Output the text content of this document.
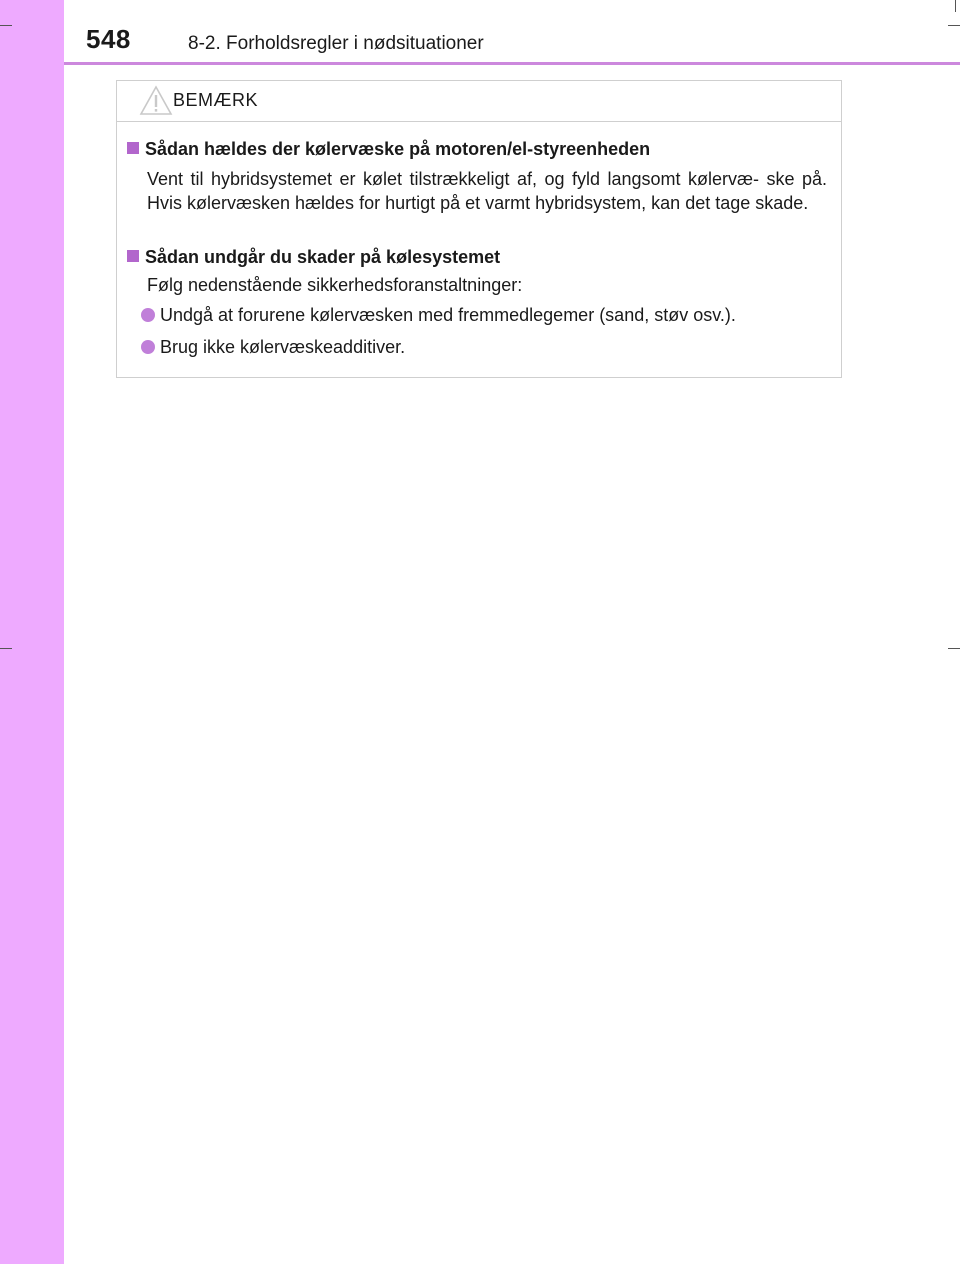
548	8-2. Forholdsregler i nødsituationer
BEMÆRK
Sådan hældes der kølervæske på motoren/el-styreenheden
Vent til hybridsystemet er kølet tilstrækkeligt af, og fyld langsomt kølervæ- ske på. Hvis kølervæsken hældes for hurtigt på et varmt hybridsystem, kan det tage skade.
Sådan undgår du skader på kølesystemet
Følg nedenstående sikkerhedsforanstaltninger:
Undgå at forurene kølervæsken med fremmedlegemer (sand, støv osv.).
Brug ikke kølervæskeadditiver.
